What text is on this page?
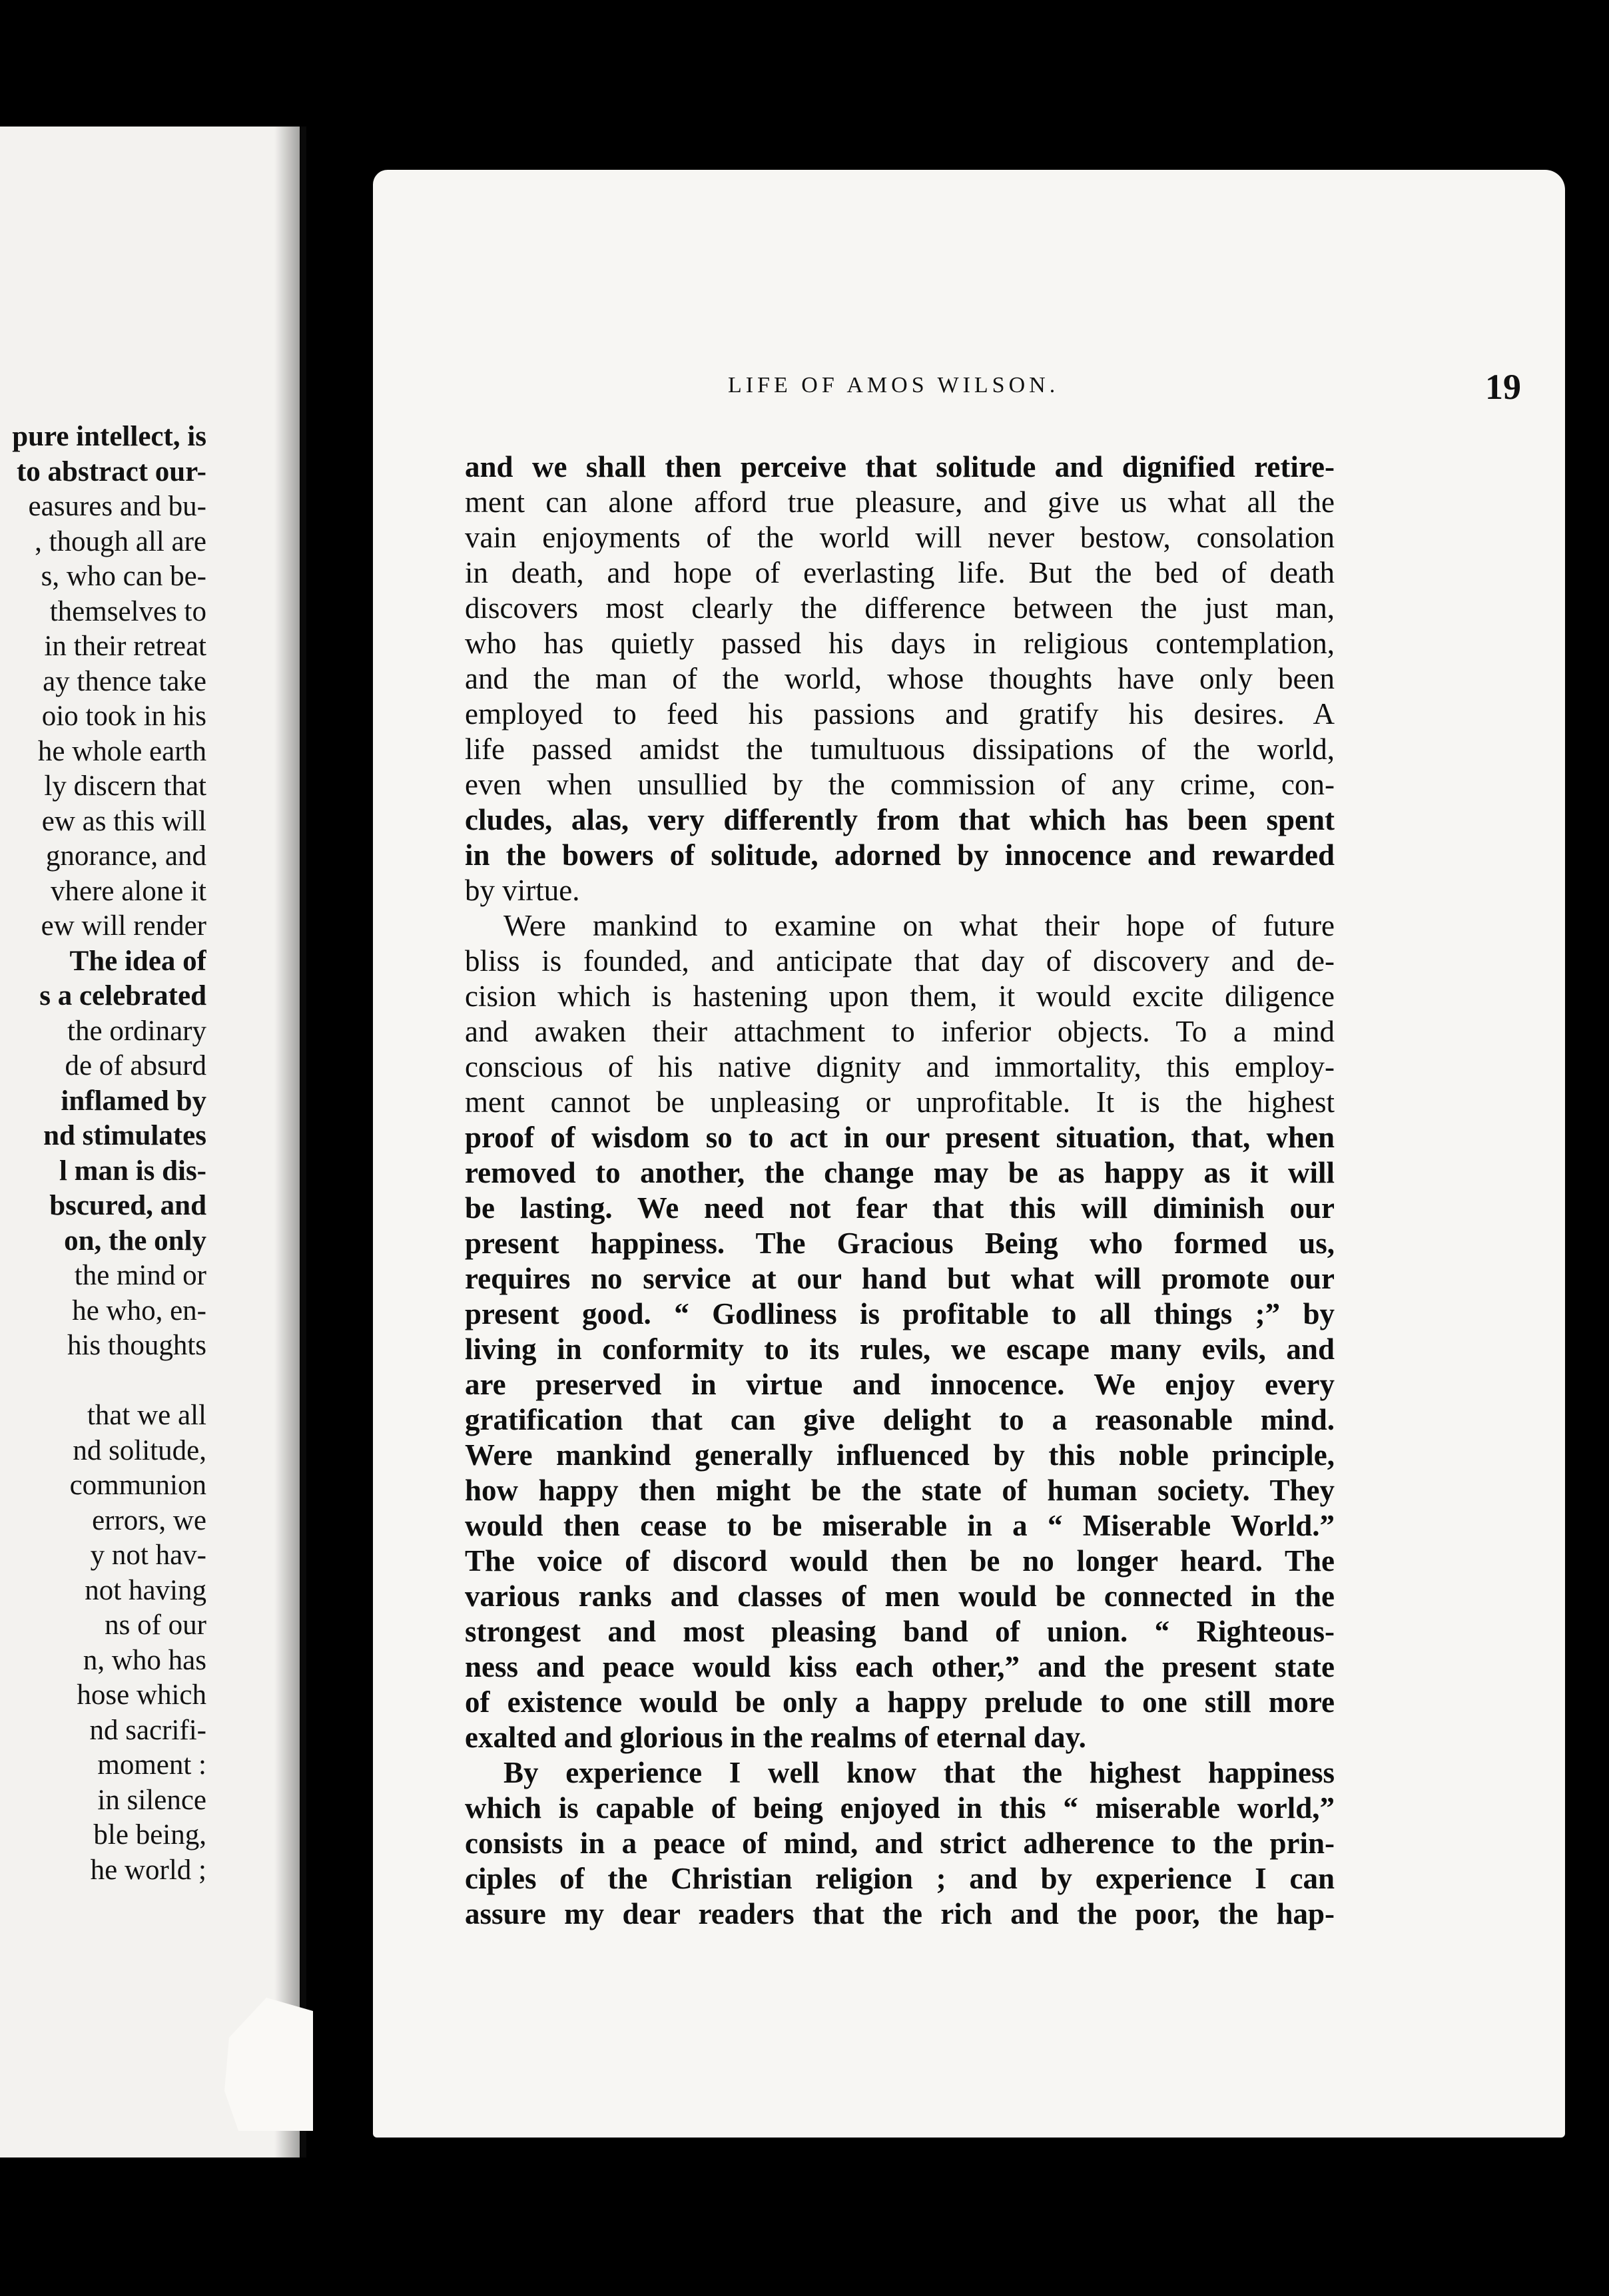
pure intellect, is
to abstract our-
easures and bu-
, though all are
s, who can be-
themselves to
in their retreat
ay thence take
oio took in his
he whole earth
ly discern that
ew as this will
gnorance, and
vhere alone it
ew will render
The idea of
s a celebrated
the ordinary
de of absurd
inflamed by
nd stimulates
l man is dis-
bscured, and
on, the only
the mind or
he who, en-
his thoughts
that we all
nd solitude,
communion
errors, we
y not hav-
not having
ns of our
n, who has
hose which
nd sacrifi-
moment :
in silence
ble being,
he world ;
LIFE OF AMOS WILSON.	19
and we shall then perceive that solitude and dignified retire-
ment can alone afford true pleasure, and give us what all the
vain enjoyments of the world will never bestow, consolation
in death, and hope of everlasting life. But the bed of death
discovers most clearly the difference between the just man,
who has quietly passed his days in religious contemplation,
and the man of the world, whose thoughts have only been
employed to feed his passions and gratify his desires. A
life passed amidst the tumultuous dissipations of the world,
even when unsullied by the commission of any crime, con-
cludes, alas, very differently from that which has been spent
in the bowers of solitude, adorned by innocence and rewarded
by virtue.
Were mankind to examine on what their hope of future
bliss is founded, and anticipate that day of discovery and de-
cision which is hastening upon them, it would excite diligence
and awaken their attachment to inferior objects. To a mind
conscious of his native dignity and immortality, this employ-
ment cannot be unpleasing or unprofitable. It is the highest
proof of wisdom so to act in our present situation, that, when
removed to another, the change may be as happy as it will
be lasting. We need not fear that this will diminish our
present happiness. The Gracious Being who formed us,
requires no service at our hand but what will promote our
present good. “ Godliness is profitable to all things ;” by
living in conformity to its rules, we escape many evils, and
are preserved in virtue and innocence. We enjoy every
gratification that can give delight to a reasonable mind.
Were mankind generally influenced by this noble principle,
how happy then might be the state of human society. They
would then cease to be miserable in a “ Miserable World.”
The voice of discord would then be no longer heard. The
various ranks and classes of men would be connected in the
strongest and most pleasing band of union. “ Righteous-
ness and peace would kiss each other,” and the present state
of existence would be only a happy prelude to one still more
exalted and glorious in the realms of eternal day.
By experience I well know that the highest happiness
which is capable of being enjoyed in this “ miserable world,”
consists in a peace of mind, and strict adherence to the prin-
ciples of the Christian religion ; and by experience I can
assure my dear readers that the rich and the poor, the hap-
